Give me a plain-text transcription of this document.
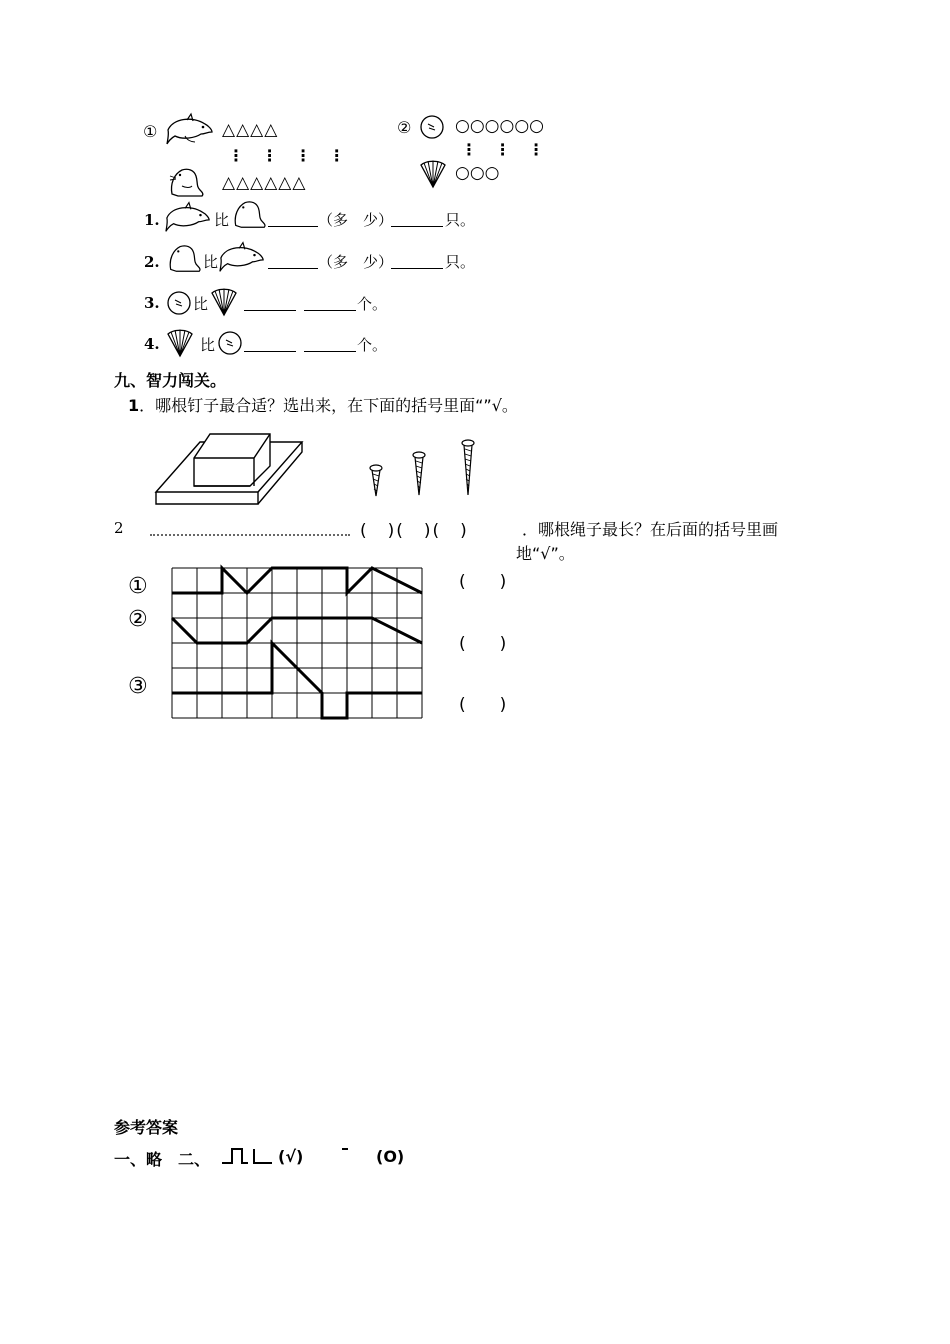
①	△△△△
⋮ ⋮ ⋮ ⋮
△△△△△△
②	○○○○○○
⋮ ⋮ ⋮
○○○
1.	比	（多　少）	只。
2.	比	（多　少）	只。
3. 比	个。
4.	比	个。
九、智力闯关。
1．哪根钉子最合适？选出来，在下面的括号里面“”√。
2	(　)(　)(　)	．哪根绳子最长？在后面的括号里画
地“√”。
①
②
③
(　　)
(　　)
(　　)
参考答案
一、略　二、	(√)	(O)
